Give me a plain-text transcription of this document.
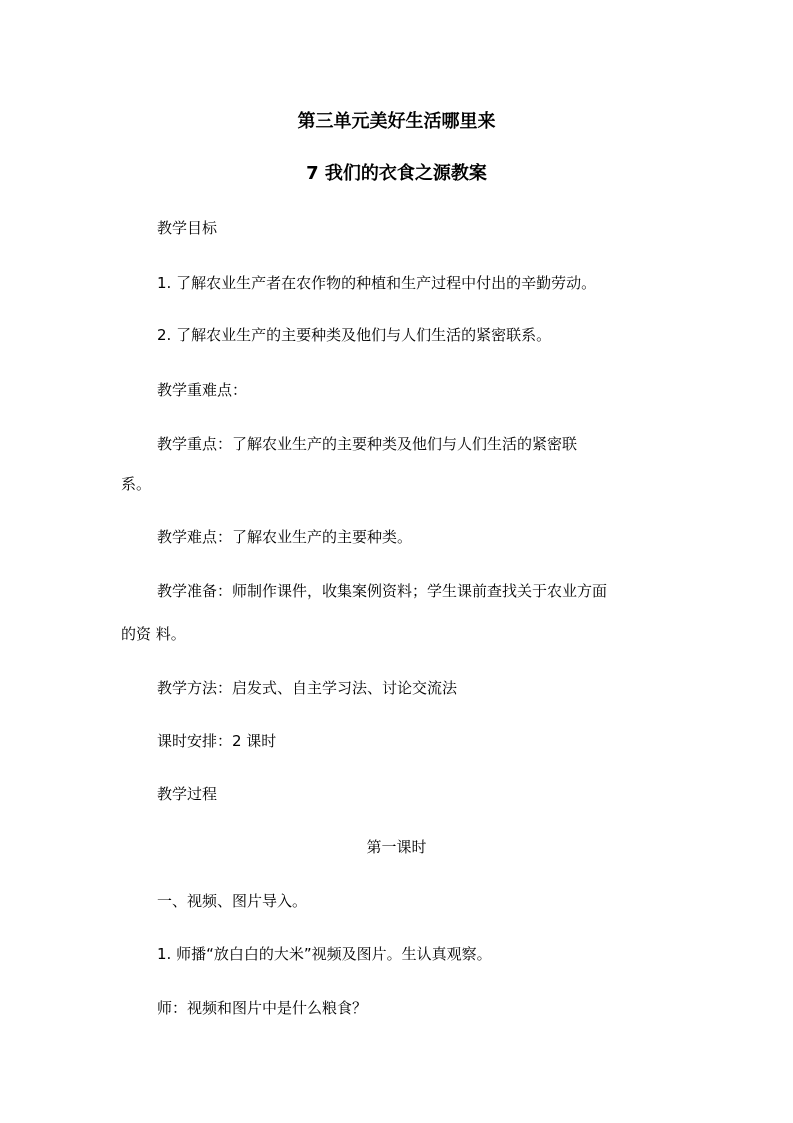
第三单元美好生活哪里来
7 我们的衣食之源教案
教学目标
1. 了解农业生产者在农作物的种植和生产过程中付出的辛勤劳动。
2. 了解农业生产的主要种类及他们与人们生活的紧密联系。
教学重难点：
教学重点：了解农业生产的主要种类及他们与人们生活的紧密联
系。
教学难点：了解农业生产的主要种类。
教学准备：师制作课件，收集案例资料；学生课前查找关于农业方面
的资 料。
教学方法：启发式、自主学习法、讨论交流法
课时安排：2 课时
教学过程
第一课时
一、视频、图片导入。
1. 师播“放白白的大米”视频及图片。生认真观察。
师：视频和图片中是什么粮食？
